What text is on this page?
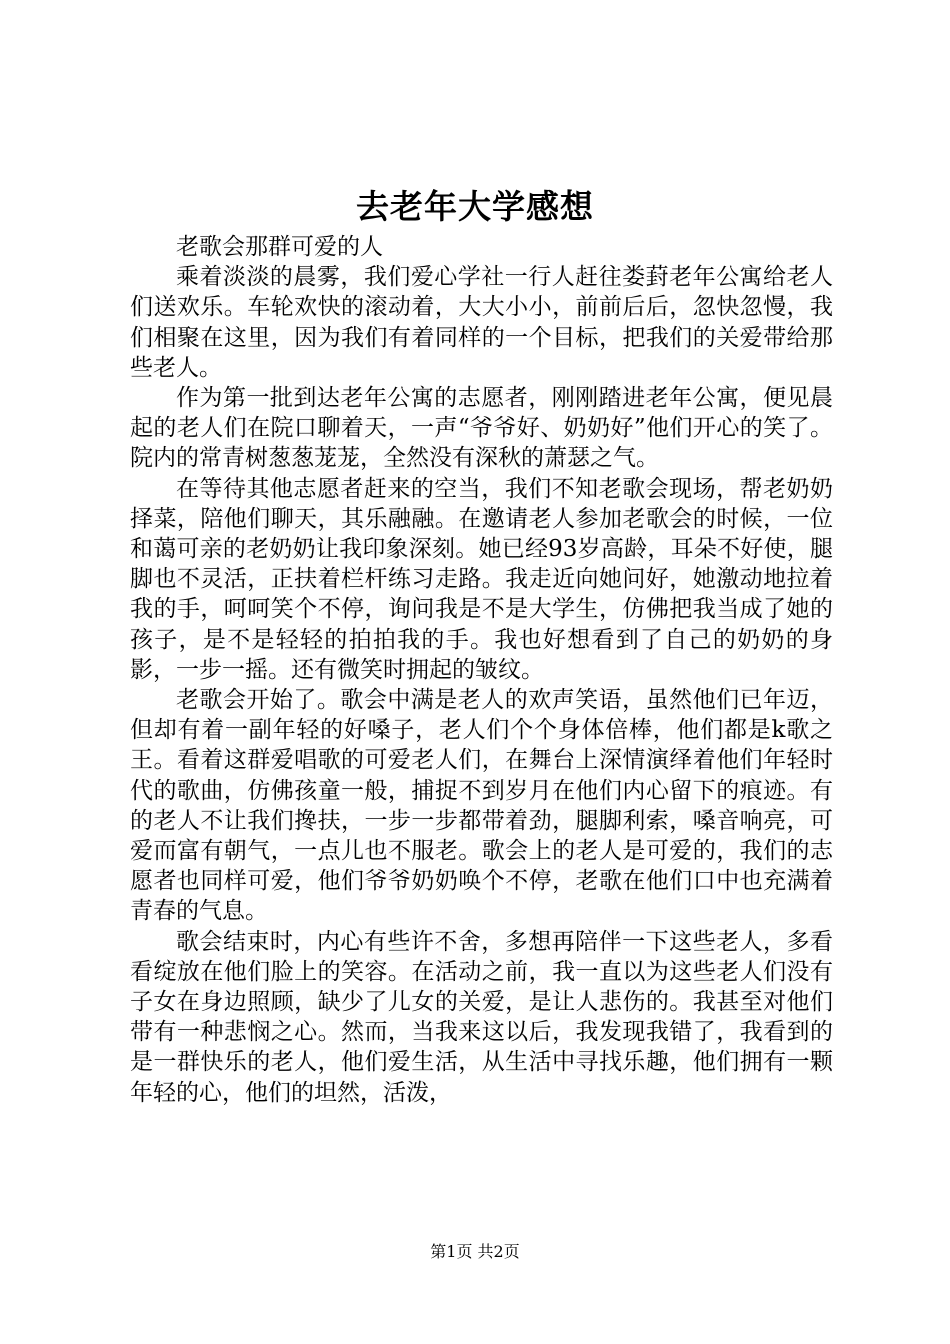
去老年大学感想

老歌会那群可爱的人

乘着淡淡的晨雾，我们爱心学社一行人赶往娄葑老年公寓给老人们送欢乐。车轮欢快的滚动着，大大小小，前前后后，忽快忽慢，我们相聚在这里，因为我们有着同样的一个目标，把我们的关爱带给那些老人。

作为第一批到达老年公寓的志愿者，刚刚踏进老年公寓，便见晨起的老人们在院口聊着天，一声“爷爷好、奶奶好”他们开心的笑了。院内的常青树葱葱茏茏，全然没有深秋的萧瑟之气。

在等待其他志愿者赶来的空当，我们不知老歌会现场，帮老奶奶择菜，陪他们聊天，其乐融融。在邀请老人参加老歌会的时候，一位和蔼可亲的老奶奶让我印象深刻。她已经93岁高龄，耳朵不好使，腿脚也不灵活，正扶着栏杆练习走路。我走近向她问好，她激动地拉着我的手，呵呵笑个不停，询问我是不是大学生，仿佛把我当成了她的孩子，是不是轻轻的拍拍我的手。我也好想看到了自己的奶奶的身影，一步一摇。还有微笑时拥起的皱纹。

老歌会开始了。歌会中满是老人的欢声笑语，虽然他们已年迈，但却有着一副年轻的好嗓子，老人们个个身体倍棒，他们都是k歌之王。看着这群爱唱歌的可爱老人们，在舞台上深情演绎着他们年轻时代的歌曲，仿佛孩童一般，捕捉不到岁月在他们内心留下的痕迹。有的老人不让我们搀扶，一步一步都带着劲，腿脚利索，嗓音响亮，可爱而富有朝气，一点儿也不服老。歌会上的老人是可爱的，我们的志愿者也同样可爱，他们爷爷奶奶唤个不停，老歌在他们口中也充满着青春的气息。

歌会结束时，内心有些许不舍，多想再陪伴一下这些老人，多看看绽放在他们脸上的笑容。在活动之前，我一直以为这些老人们没有子女在身边照顾，缺少了儿女的关爱，是让人悲伤的。我甚至对他们带有一种悲悯之心。然而，当我来这以后，我发现我错了，我看到的是一群快乐的老人，他们爱生活，从生活中寻找乐趣，他们拥有一颗年轻的心，他们的坦然，活泼，

第1页 共2页
